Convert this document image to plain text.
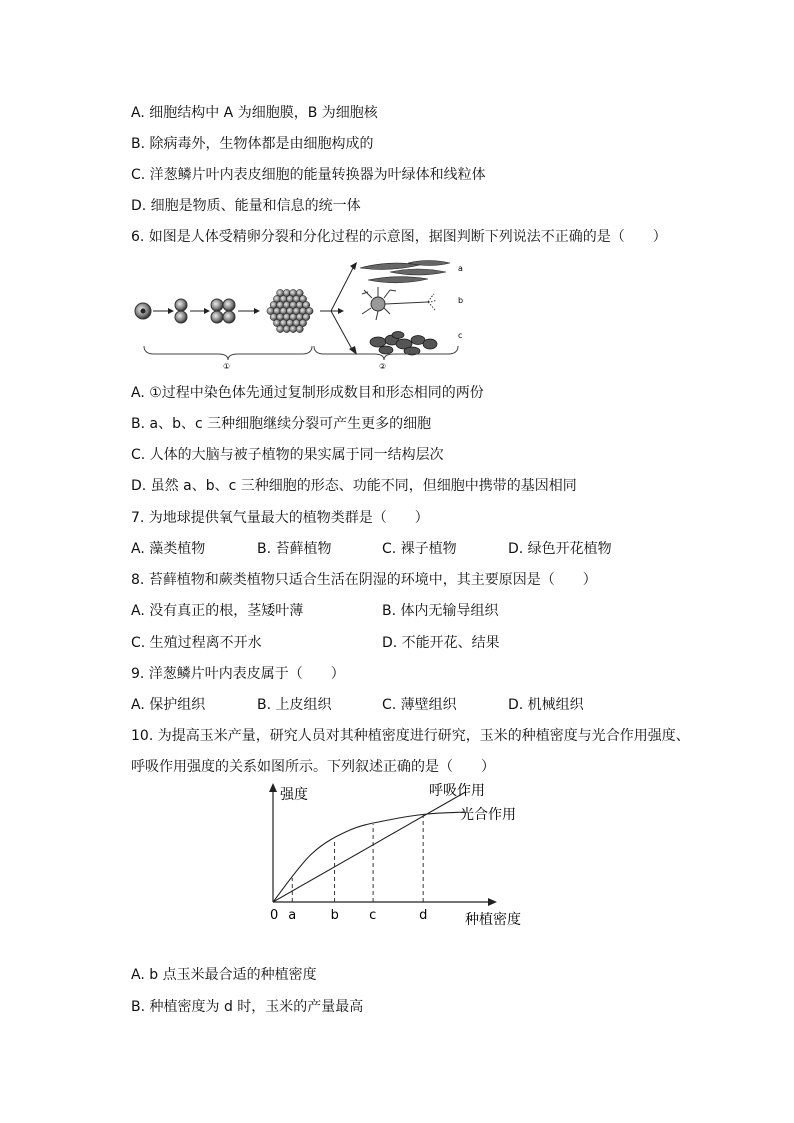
A. 细胞结构中 A 为细胞膜，B 为细胞核
B. 除病毒外，生物体都是由细胞构成的
C. 洋葱鳞片叶内表皮细胞的能量转换器为叶绿体和线粒体
D. 细胞是物质、能量和信息的统一体
6. 如图是人体受精卵分裂和分化过程的示意图，据图判断下列说法不正确的是（　　）
a
b
c
①	②
A. ①过程中染色体先通过复制形成数目和形态相同的两份
B. a、b、c 三种细胞继续分裂可产生更多的细胞
C. 人体的大脑与被子植物的果实属于同一结构层次
D. 虽然 a、b、c 三种细胞的形态、功能不同，但细胞中携带的基因相同
7. 为地球提供氧气量最大的植物类群是（　　）
A. 藻类植物	B. 苔藓植物	C. 裸子植物	D. 绿色开花植物
8. 苔藓植物和蕨类植物只适合生活在阴湿的环境中，其主要原因是（　　）
A. 没有真正的根，茎矮叶薄	B. 体内无输导组织
C. 生殖过程离不开水	D. 不能开花、结果
9. 洋葱鳞片叶内表皮属于（　　）
A. 保护组织	B. 上皮组织	C. 薄壁组织	D. 机械组织
10. 为提高玉米产量，研究人员对其种植密度进行研究，玉米的种植密度与光合作用强度、
呼吸作用强度的关系如图所示。下列叙述正确的是（　　）
强度
种植密度
0 a	b c	d
呼吸作用
光合作用
A. b 点玉米最合适的种植密度
B. 种植密度为 d 时，玉米的产量最高
